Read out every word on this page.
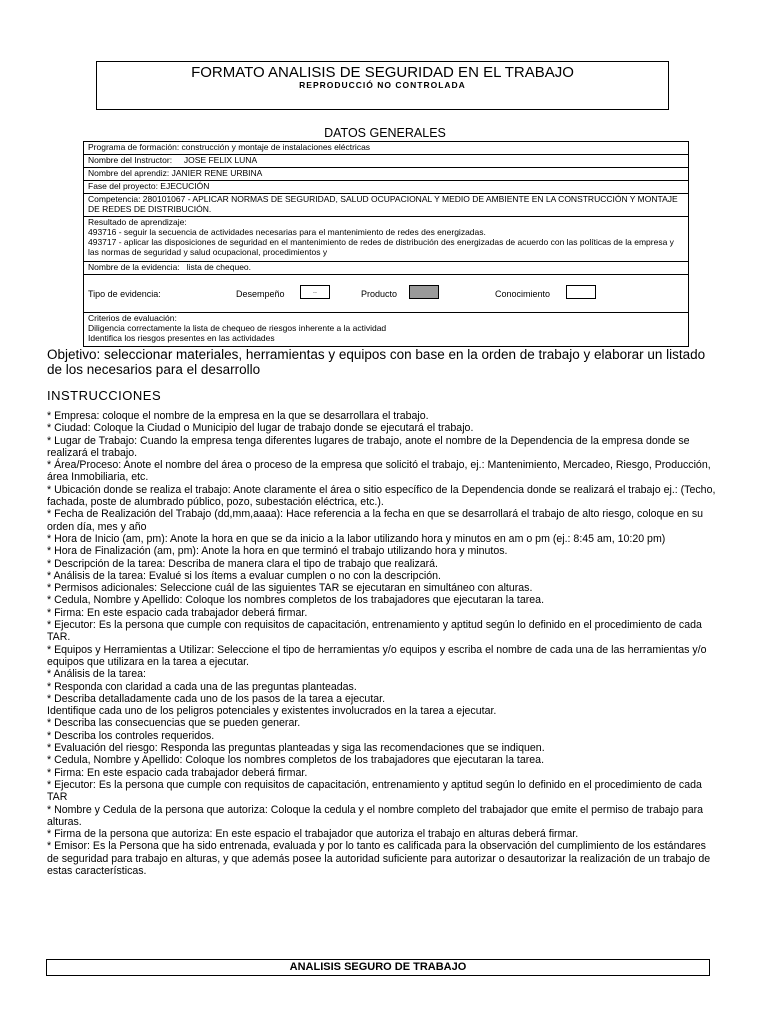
FORMATO ANALISIS DE SEGURIDAD EN EL TRABAJO
REPRODUCCIÓ NO CONTROLADA
DATOS GENERALES
Programa de formación: construcción y montaje de instalaciones eléctricas
Nombre del Instructor:     JOSE FELIX LUNA
Nombre del aprendiz: JANIER RENE URBINA
Fase del proyecto: EJECUCIÓN
Competencia: 280101067 - APLICAR NORMAS DE SEGURIDAD, SALUD OCUPACIONAL Y MEDIO DE AMBIENTE EN LA CONSTRUCCIÓN Y MONTAJE DE REDES DE DISTRIBUCIÓN.
Resultado de aprendizaje:
493716 - seguir la secuencia de actividades necesarias para el mantenimiento de redes des energizadas.
493717 - aplicar las disposiciones de seguridad en el mantenimiento de redes de distribución des energizadas de acuerdo con las políticas de la empresa y las normas de seguridad y salud ocupacional, procedimientos y
Nombre de la evidencia:   lista de chequeo.
Tipo de evidencia:	Desempeño	..	Producto	Conocimiento
Criterios de evaluación:
Diligencia correctamente la lista de chequeo de riesgos inherente a la actividad
Identifica los riesgos presentes en las actividades
Objetivo: seleccionar materiales, herramientas y equipos con base en la orden de trabajo y elaborar un listado de los necesarios para el desarrollo
INSTRUCCIONES
* Empresa: coloque el nombre de la empresa en la que se desarrollara el trabajo.
* Ciudad: Coloque la Ciudad o Municipio del lugar de trabajo donde se ejecutará el trabajo.
* Lugar de Trabajo: Cuando la empresa tenga diferentes lugares de trabajo, anote el nombre de la Dependencia de la empresa donde se realizará el trabajo.
* Área/Proceso: Anote el nombre del área o proceso de la empresa que solicitó el trabajo, ej.: Mantenimiento, Mercadeo, Riesgo, Producción, área Inmobiliaria, etc.
* Ubicación donde se realiza el trabajo: Anote claramente el área o sitio específico de la Dependencia donde se realizará el trabajo ej.: (Techo, fachada, poste de alumbrado público, pozo, subestación eléctrica, etc.).
* Fecha de Realización del Trabajo (dd,mm,aaaa): Hace referencia a la fecha en que se desarrollará el trabajo de alto riesgo, coloque en su orden día, mes y año
* Hora de Inicio (am, pm): Anote la hora en que se da inicio a la labor utilizando hora y minutos en am o pm (ej.: 8:45 am, 10:20 pm)
* Hora de Finalización (am, pm): Anote la hora en que terminó el trabajo utilizando hora y minutos.
* Descripción de la tarea: Describa de manera clara el tipo de trabajo que realizará.
* Análisis de la tarea: Evalué si los ítems a evaluar cumplen o no con la descripción.
* Permisos adicionales: Seleccione cuál de las siguientes TAR se ejecutaran en simultáneo con alturas.
* Cedula, Nombre y Apellido: Coloque los nombres completos de los trabajadores que ejecutaran la tarea.
* Firma: En este espacio cada trabajador deberá firmar.
* Ejecutor: Es la persona que cumple con requisitos de capacitación, entrenamiento y aptitud según lo definido en el procedimiento de cada TAR.
* Equipos y Herramientas a Utilizar: Seleccione el tipo de herramientas y/o equipos y escriba el nombre de cada una de las herramientas y/o equipos que utilizara en la tarea a ejecutar.
* Análisis de la tarea:
* Responda con claridad a cada una de las preguntas planteadas.
* Describa detalladamente cada uno de los pasos de la tarea a ejecutar.
Identifique cada uno de los peligros potenciales y existentes involucrados en la tarea a ejecutar.
* Describa las consecuencias que se pueden generar.
* Describa los controles requeridos.
* Evaluación del riesgo: Responda las preguntas planteadas y siga las recomendaciones que se indiquen.
* Cedula, Nombre y Apellido: Coloque los nombres completos de los trabajadores que ejecutaran la tarea.
* Firma: En este espacio cada trabajador deberá firmar.
* Ejecutor: Es la persona que cumple con requisitos de capacitación, entrenamiento y aptitud según lo definido en el procedimiento de cada TAR
* Nombre y Cedula de la persona que autoriza: Coloque la cedula y el nombre completo del trabajador que emite el permiso de trabajo para alturas.
* Firma de la persona que autoriza: En este espacio el trabajador que autoriza el trabajo en alturas deberá firmar.
* Emisor: Es la Persona que ha sido entrenada, evaluada y por lo tanto es calificada para la observación del cumplimiento de los estándares de seguridad para trabajo en alturas, y que además posee la autoridad suficiente para autorizar o desautorizar la realización de un trabajo de estas características.
ANALISIS SEGURO DE TRABAJO
